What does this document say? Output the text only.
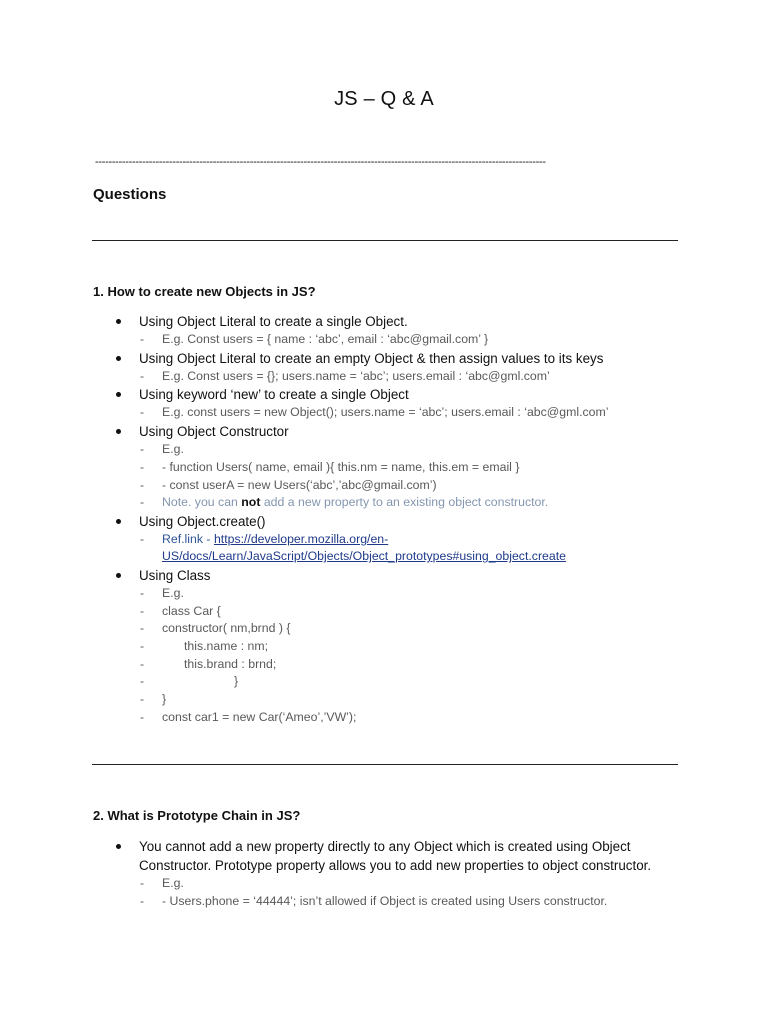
JS – Q & A
--------------------------------------------------------------------------------------------------------------------------------------
Questions
1. How to create new Objects in JS?
Using Object Literal to create a single Object.
- E.g. Const users = { name : ‘abc’, email : ‘abc@gmail.com’ }
Using Object Literal to create an empty Object & then assign values to its keys
- E.g. Const users = {}; users.name = ‘abc’; users.email : ‘abc@gml.com’
Using keyword ‘new’ to create a single Object
- E.g. const users = new Object(); users.name = ‘abc’; users.email : ‘abc@gml.com’
Using Object Constructor
- E.g.
- - function Users( name, email ){ this.nm = name, this.em = email }
- - const userA = new Users(‘abc’,’abc@gmail.com’)
- Note. you can not add a new property to an existing object constructor.
Using Object.create()
- Ref.link - https://developer.mozilla.org/en-US/docs/Learn/JavaScript/Objects/Object_prototypes#using_object.create
Using Class
- E.g.
- class Car {
- constructor( nm,brnd ) {
- this.name : nm;
- this.brand : brnd;
- }
- }
- const car1 = new Car(‘Ameo’,’VW’);
2. What is Prototype Chain in JS?
You cannot add a new property directly to any Object which is created using Object Constructor. Prototype property allows you to add new properties to object constructor.
- E.g.
- - Users.phone = ‘44444’; isn’t allowed if Object is created using Users constructor.
